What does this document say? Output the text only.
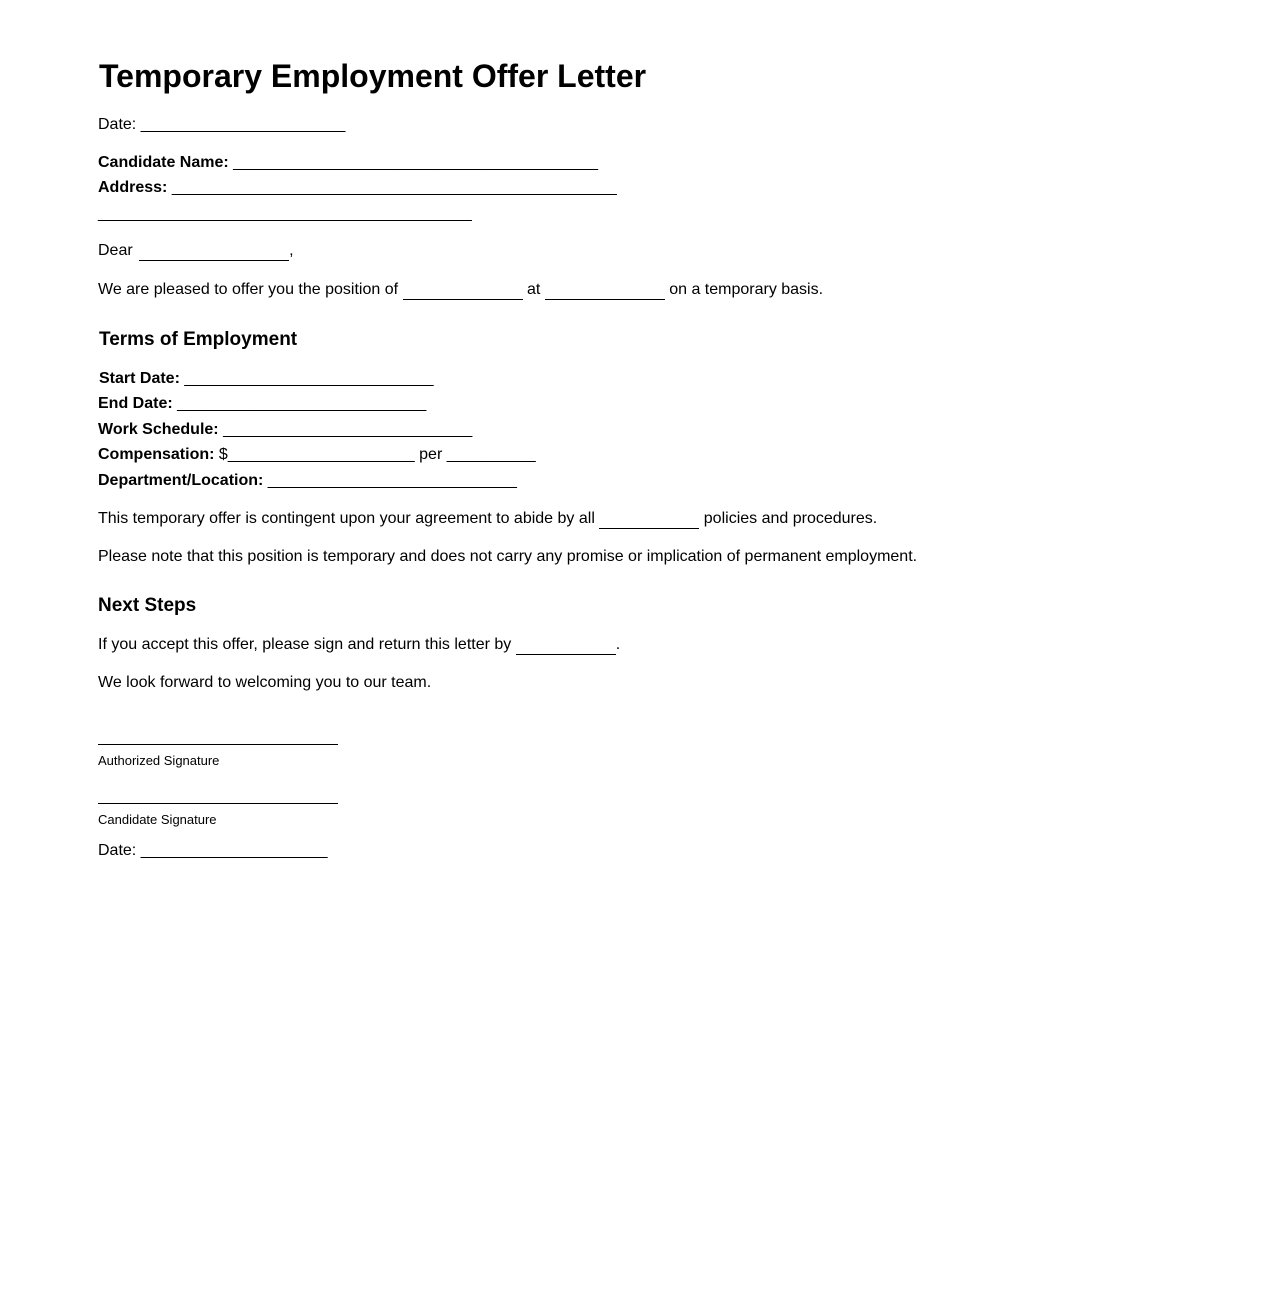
Temporary Employment Offer Letter
Date: _______________________
Candidate Name: _________________________________________
Address: __________________________________________________
__________________________________________
Dear	,
We are pleased to offer you the position of	at	on a temporary basis.
Terms of Employment
Start Date: ____________________________
End Date: ____________________________
Work Schedule: ____________________________
Compensation: $_____________________ per __________
Department/Location: ____________________________
This temporary offer is contingent upon your agreement to abide by all	policies and procedures.
Please note that this position is temporary and does not carry any promise or implication of permanent employment.
Next Steps
If you accept this offer, please sign and return this letter by	.
We look forward to welcoming you to our team.
Authorized Signature
Candidate Signature
Date: _____________________
